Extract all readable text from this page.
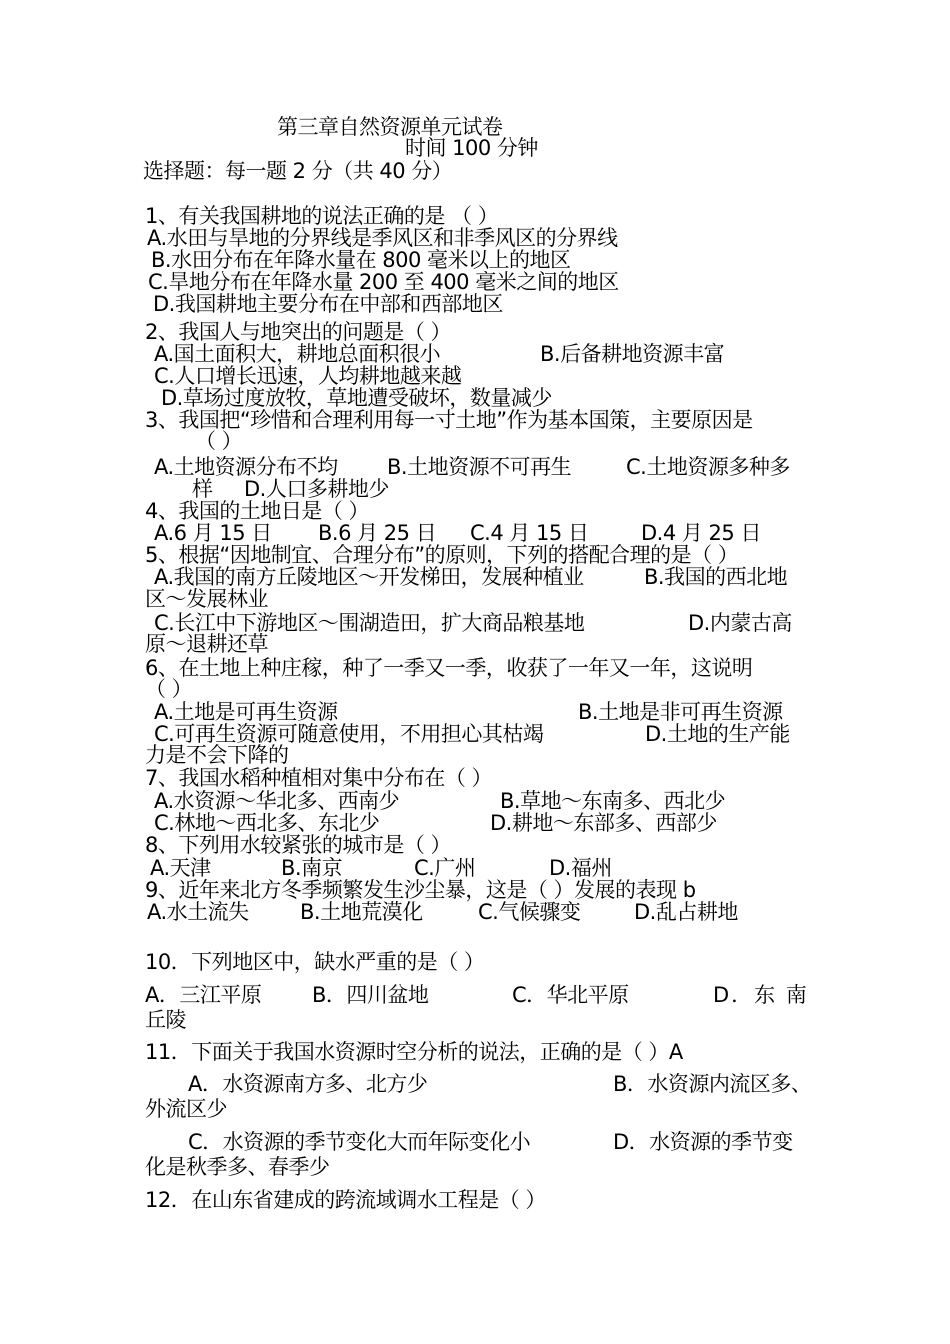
第三章自然资源单元试卷
时间 100 分钟
选择题：每一题 2 分（共 40 分）
1、有关我国耕地的说法正确的是 （ ）
A.水田与旱地的分界线是季风区和非季风区的分界线
B.水田分布在年降水量在 800 毫米以上的地区
C.旱地分布在年降水量 200 至 400 毫米之间的地区
D.我国耕地主要分布在中部和西部地区
2、我国人与地突出的问题是（ ）
A.国土面积大，耕地总面积很小	B.后备耕地资源丰富
C.人口增长迅速，人均耕地越来越
D.草场过度放牧，草地遭受破坏，数量减少
3、我国把“珍惜和合理利用每一寸土地”作为基本国策，主要原因是
（ ）
A.土地资源分布不均 B.土地资源不可再生	C.土地资源多种多
样 D.人口多耕地少
4、我国的土地日是（ ）
A.6 月 15 日 B.6 月 25 日 C.4 月 15 日	D.4 月 25 日
5、根据“因地制宜、合理分布”的原则，下列的搭配合理的是（ ）
A.我国的南方丘陵地区～开发梯田，发展种植业	B.我国的西北地
区～发展林业
C.长江中下游地区～围湖造田，扩大商品粮基地	D.内蒙古高
原～退耕还草
6、在土地上种庄稼，种了一季又一季，收获了一年又一年，这说明
（ ）
A.土地是可再生资源	B.土地是非可再生资源
C.可再生资源可随意使用，不用担心其枯竭	D.土地的生产能
力是不会下降的
7、我国水稻种植相对集中分布在（ ）
A.水资源～华北多、西南少	B.草地～东南多、西北少
C.林地～西北多、东北少	D.耕地～东部多、西部少
8、下列用水较紧张的城市是（ ）
A.天津	B.南京	C.广州	D.福州
9、近年来北方冬季频繁发生沙尘暴，这是（ ）发展的表现 b
A.水土流失 B.土地荒漠化	C.气候骤变	D.乱占耕地
10．下列地区中，缺水严重的是（ ）
A．三江平原 B．四川盆地	C．华北平原	D．东 南
丘陵
11．下面关于我国水资源时空分析的说法，正确的是（ ）A
A．水资源南方多、北方少	B．水资源内流区多、
外流区少
C．水资源的季节变化大而年际变化小	D．水资源的季节变
化是秋季多、春季少
12．在山东省建成的跨流域调水工程是（ ）
